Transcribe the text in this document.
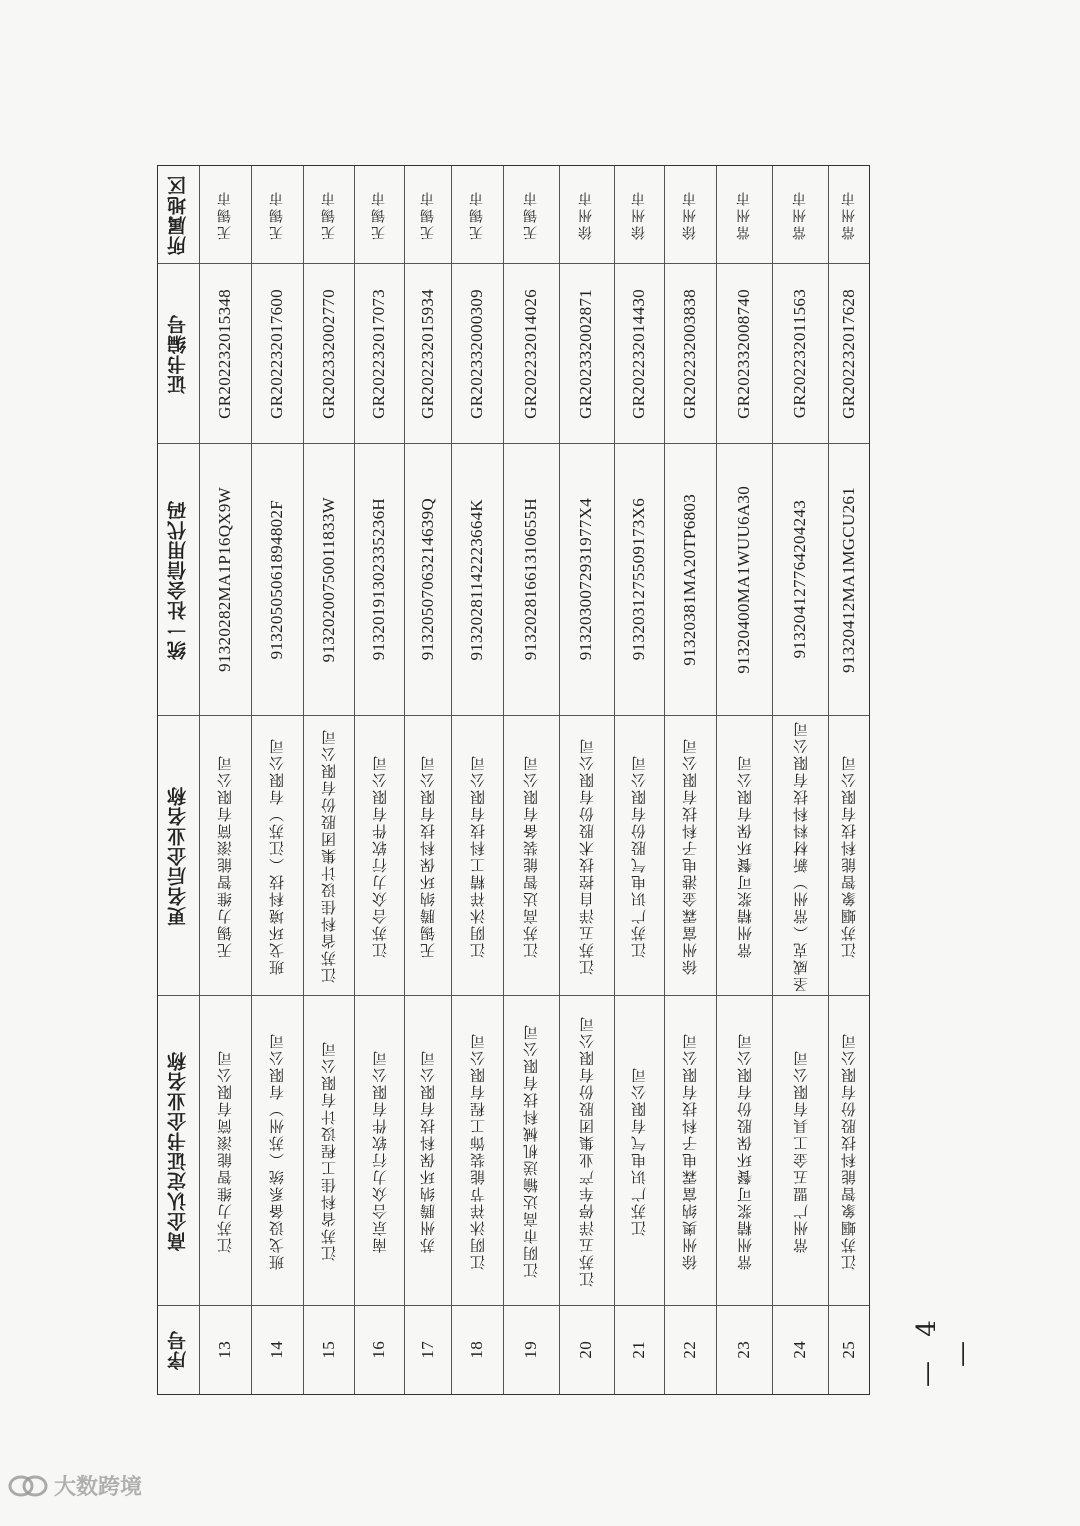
所属地区
证书编号
统一社会信用代码
更名后企业名称
高企认定证书企业名称
序号
无锡市
GR202232015348
91320282MA1P16QX9W
无锡力维智能滚筒有限公司
江苏力维智能滚筒有限公司
13
无锡市
GR202232017600
91320505061894802F
班戈环境科技（江苏）有限公司
班戈设备系统（苏州）有限公司
14
无锡市
GR202332002770
91320200750011833W
江苏省科佳设计集团股份有限公司
江苏省科佳工程设计有限公司
15
无锡市
GR202232017073
91320191302335236H
江苏合众力行软件有限公司
南京合众力行软件有限公司
16
无锡市
GR202232015934
91320507063214639Q
无锡腾纳环保科技有限公司
苏州腾纳环保科技有限公司
17
无锡市
GR202332000309
91320281142223664K
江阴沐祥精工科技有限公司
江阴沐祥节能装饰工程有限公司
18
无锡市
GR202232014026
91320281661310655H
江苏高达智能装备有限公司
江阴市高达输送机械科技有限公司
19
徐州市
GR202332002871
9132030072931977X4
江苏五洋自控技术股份有限公司
江苏五洋停车产业集团股份有限公司
20
徐州市
GR202232014430
9132031275509173X6
江苏广识电气股份有限公司
江苏广识电气有限公司
21
徐州市
GR202232003838
91320381MA20TP6803
徐州富霖金港电子科技有限公司
徐州奥纳富霖电子科技有限公司
22
常州市
GR202332008740
91320400MA1WUU6A30
常州精浆可餐环保有限公司
常州精浆可餐环保股份有限公司
23
常州市
GR202232011563
913204127764204243
圣威克（常州）新材料科技有限公司
常州广盟五金工具有限公司
24
常州市
GR202232017628
91320412MA1MGCU261
江苏蝈象智能科技有限公司
江苏蝈象智能科技股份有限公司
25 — 4 —
大数跨境
